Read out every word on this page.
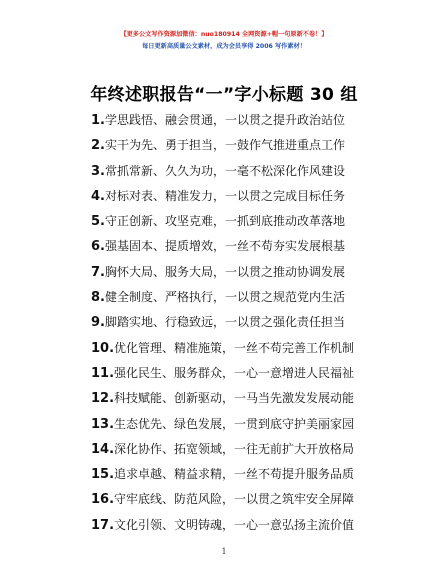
【更多公文写作资源加微信：nuo180914 全网资源+帽一句原新不卷！】
每日更新高质量公文素材，成为会员享得 2006 写作素材！
年终述职报告“一”字小标题 30 组
1.学思践悟、融会贯通，一以贯之提升政治站位
2.实干为先、勇于担当，一鼓作气推进重点工作
3.常抓常新、久久为功，一毫不松深化作风建设
4.对标对表、精准发力，一以贯之完成目标任务
5.守正创新、攻坚克难，一抓到底推动改革落地
6.强基固本、提质增效，一丝不苟夯实发展根基
7.胸怀大局、服务大局，一以贯之推动协调发展
8.健全制度、严格执行，一以贯之规范党内生活
9.脚踏实地、行稳致远，一以贯之强化责任担当
10.优化管理、精准施策，一丝不苟完善工作机制
11.强化民生、服务群众，一心一意增进人民福祉
12.科技赋能、创新驱动，一马当先激发发展动能
13.生态优先、绿色发展，一贯到底守护美丽家园
14.深化协作、拓宽领域，一往无前扩大开放格局
15.追求卓越、精益求精，一丝不苟提升服务品质
16.守牢底线、防范风险，一以贯之筑牢安全屏障
17.文化引领、文明铸魂，一心一意弘扬主流价值
1
